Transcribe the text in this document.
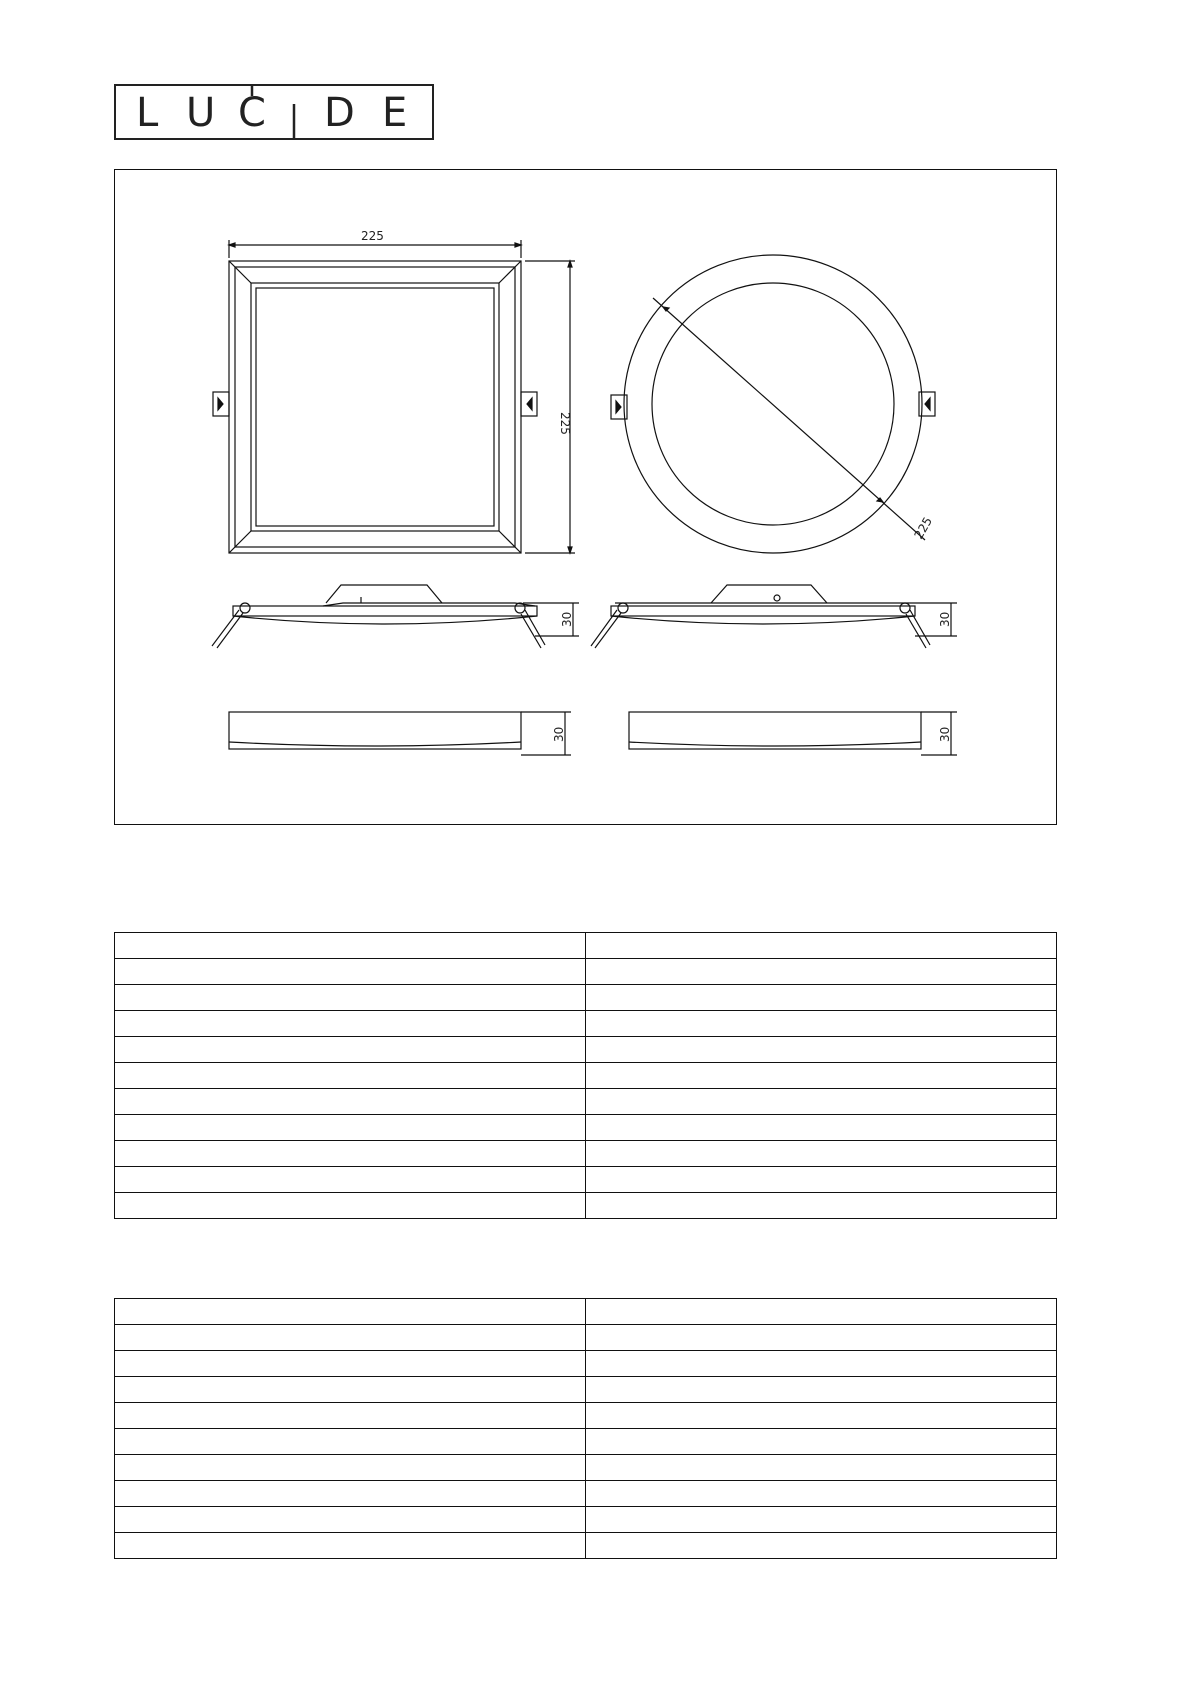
L U C D E
225
225
225
30	30
30	30
